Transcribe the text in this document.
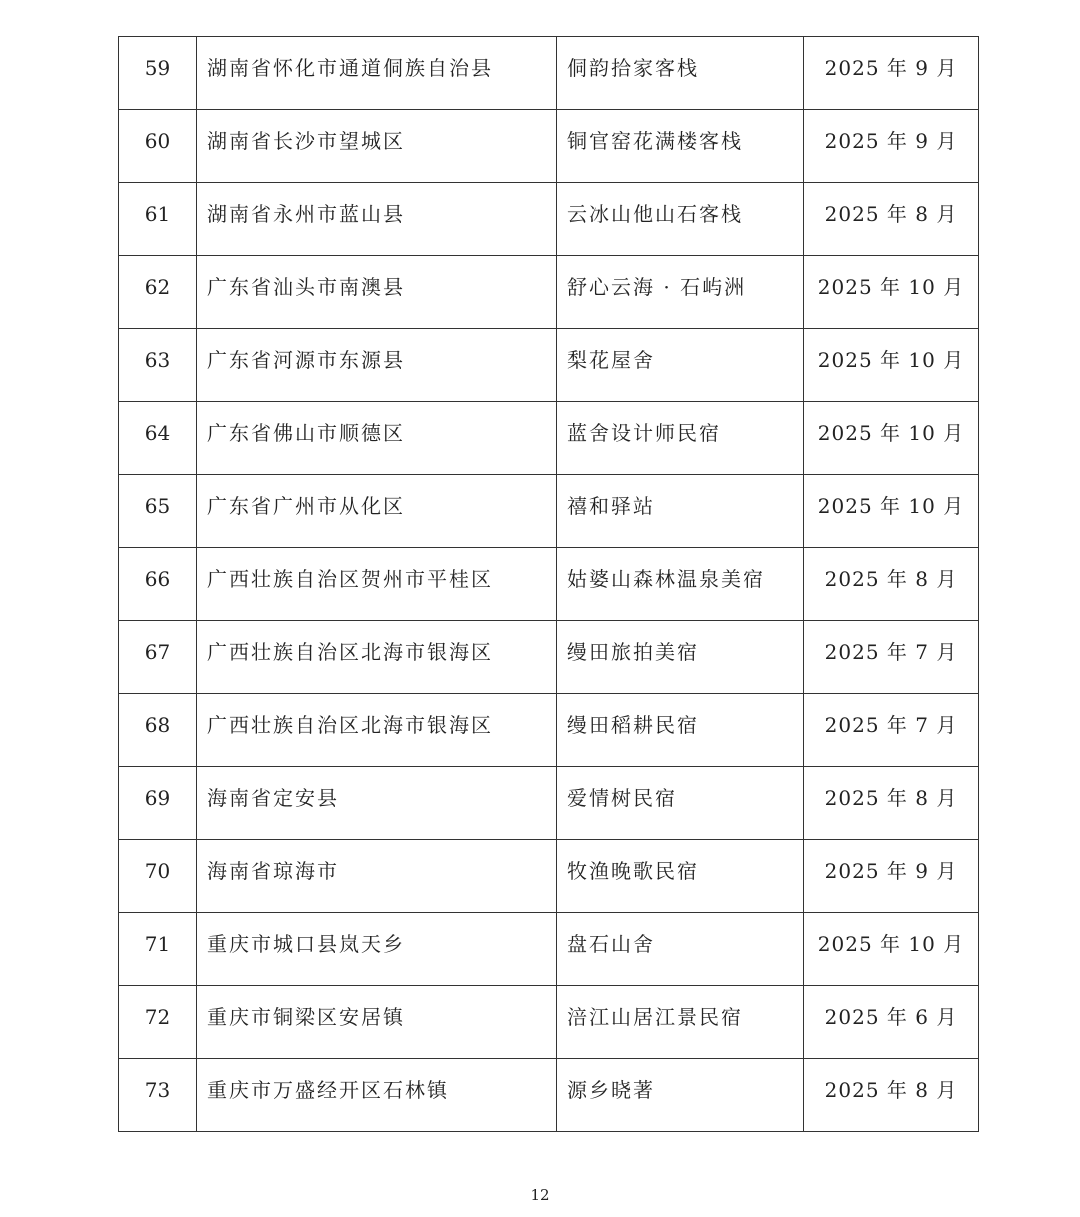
59	湖南省怀化市通道侗族自治县	侗韵拾家客栈	2025 年 9 月
60	湖南省长沙市望城区	铜官窑花满楼客栈	2025 年 9 月
61	湖南省永州市蓝山县	云冰山他山石客栈	2025 年 8 月
62	广东省汕头市南澳县	舒心云海 · 石屿洲	2025 年 10 月
63	广东省河源市东源县	梨花屋舍	2025 年 10 月
64	广东省佛山市顺德区	蓝舍设计师民宿	2025 年 10 月
65	广东省广州市从化区	禧和驿站	2025 年 10 月
66	广西壮族自治区贺州市平桂区	姑婆山森林温泉美宿	2025 年 8 月
67	广西壮族自治区北海市银海区	缦田旅拍美宿	2025 年 7 月
68	广西壮族自治区北海市银海区	缦田稻耕民宿	2025 年 7 月
69	海南省定安县	爱情树民宿	2025 年 8 月
70	海南省琼海市	牧渔晚歌民宿	2025 年 9 月
71	重庆市城口县岚天乡	盘石山舍	2025 年 10 月
72	重庆市铜梁区安居镇	涪江山居江景民宿	2025 年 6 月
73	重庆市万盛经开区石林镇	源乡晓著	2025 年 8 月
12
